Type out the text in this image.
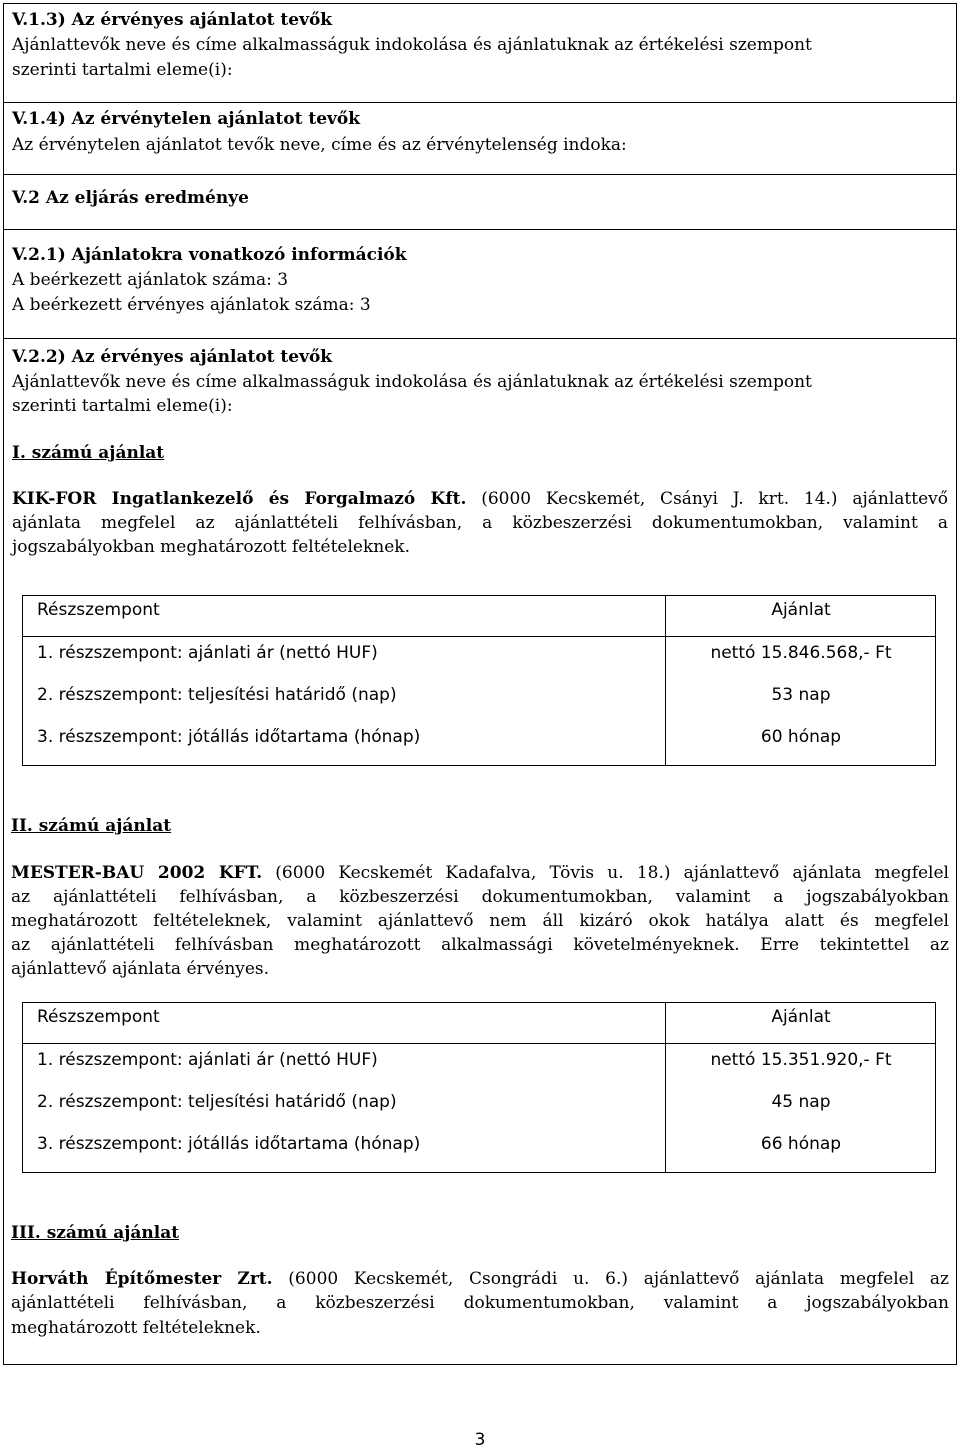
V.1.3) Az érvényes ajánlatot tevők
Ajánlattevők neve és címe alkalmasságuk indokolása és ajánlatuknak az értékelési szempont
szerinti tartalmi eleme(i):
V.1.4) Az érvénytelen ajánlatot tevők
Az érvénytelen ajánlatot tevők neve, címe és az érvénytelenség indoka:
V.2 Az eljárás eredménye
V.2.1) Ajánlatokra vonatkozó információk
A beérkezett ajánlatok száma: 3
A beérkezett érvényes ajánlatok száma: 3
V.2.2) Az érvényes ajánlatot tevők
Ajánlattevők neve és címe alkalmasságuk indokolása és ajánlatuknak az értékelési szempont
szerinti tartalmi eleme(i):
I. számú ajánlat
KIK-FOR Ingatlankezelő és Forgalmazó Kft. (6000 Kecskemét, Csányi J. krt. 14.) ajánlattevő
ajánlata megfelel az ajánlattételi felhívásban, a közbeszerzési dokumentumokban, valamint a
jogszabályokban meghatározott feltételeknek.
Részszempont	Ajánlat
1. részszempont: ajánlati ár (nettó HUF)	nettó 15.846.568,- Ft
2. részszempont: teljesítési határidő (nap)	53 nap
3. részszempont: jótállás időtartama (hónap)	60 hónap
II. számú ajánlat
MESTER-BAU 2002 KFT. (6000 Kecskemét Kadafalva, Tövis u. 18.) ajánlattevő ajánlata megfelel
az ajánlattételi felhívásban, a közbeszerzési dokumentumokban, valamint a jogszabályokban
meghatározott feltételeknek, valamint ajánlattevő nem áll kizáró okok hatálya alatt és megfelel
az ajánlattételi felhívásban meghatározott alkalmassági követelményeknek. Erre tekintettel az
ajánlattevő ajánlata érvényes.
Részszempont	Ajánlat
1. részszempont: ajánlati ár (nettó HUF)	nettó 15.351.920,- Ft
2. részszempont: teljesítési határidő (nap)	45 nap
3. részszempont: jótállás időtartama (hónap)	66 hónap
III. számú ajánlat
Horváth Építőmester Zrt. (6000 Kecskemét, Csongrádi u. 6.) ajánlattevő ajánlata megfelel az
ajánlattételi felhívásban, a közbeszerzési dokumentumokban, valamint a jogszabályokban
meghatározott feltételeknek.
3
